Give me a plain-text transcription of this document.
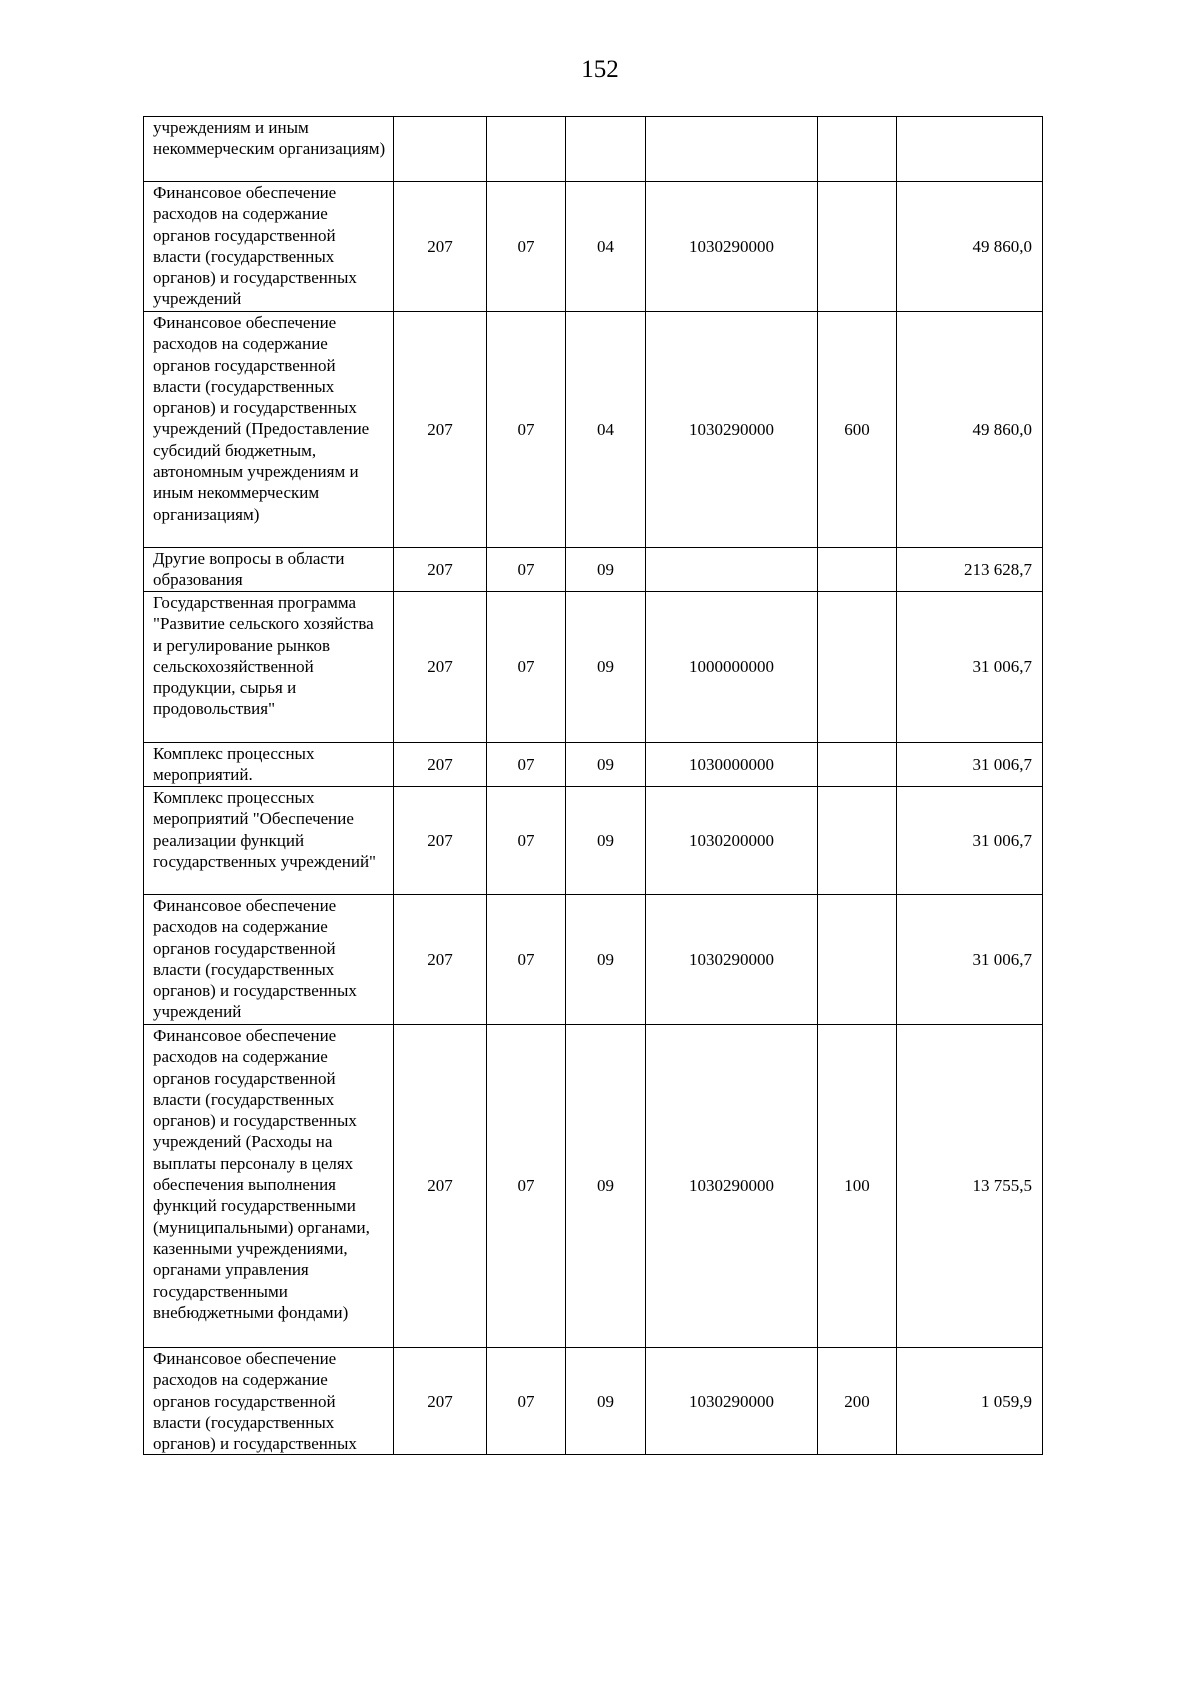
152
учреждениям и иным некоммерческим организациям)						
Финансовое обеспечение расходов на содержание органов государственной власти (государственных органов) и государственных учреждений	207	07	04	1030290000		49 860,0
Финансовое обеспечение расходов на содержание органов государственной власти (государственных органов) и государственных учреждений (Предоставление субсидий бюджетным, автономным учреждениям и иным некоммерческим организациям)	207	07	04	1030290000	600	49 860,0
Другие вопросы в области образования	207	07	09			213 628,7
Государственная программа "Развитие сельского хозяйства и регулирование рынков сельскохозяйственной продукции, сырья и продовольствия"	207	07	09	1000000000		31 006,7
Комплекс процессных мероприятий.	207	07	09	1030000000		31 006,7
Комплекс процессных мероприятий "Обеспечение реализации функций государственных учреждений"	207	07	09	1030200000		31 006,7
Финансовое обеспечение расходов на содержание органов государственной власти (государственных органов) и государственных учреждений	207	07	09	1030290000		31 006,7
Финансовое обеспечение расходов на содержание органов государственной власти (государственных органов) и государственных учреждений (Расходы на выплаты персоналу в целях обеспечения выполнения функций государственными (муниципальными) органами, казенными учреждениями, органами управления государственными внебюджетными фондами)	207	07	09	1030290000	100	13 755,5
Финансовое обеспечение расходов на содержание органов государственной власти (государственных органов) и государственных	207	07	09	1030290000	200	1 059,9
